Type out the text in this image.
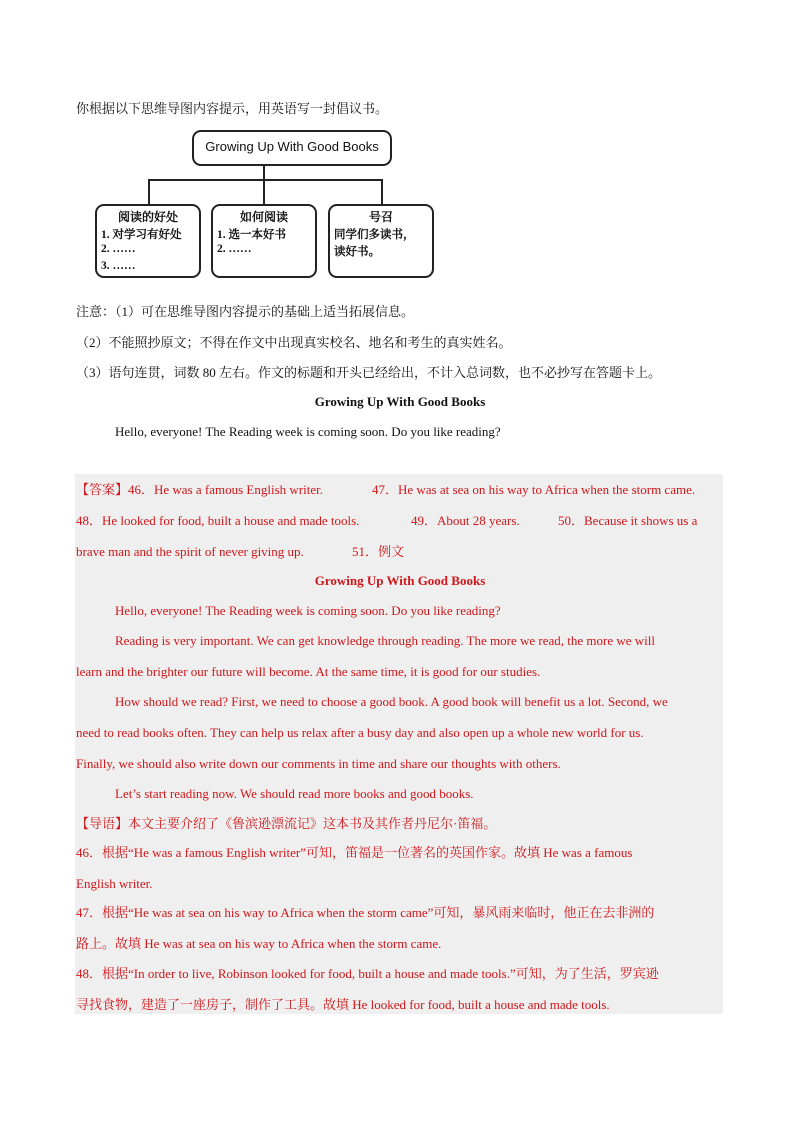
你根据以下思维导图内容提示，用英语写一封倡议书。
Growing Up With Good Books
阅读的好处
1. 对学习有好处
2. ……
3. ……
如何阅读
1. 选一本好书
2. ……
号召
同学们多读书，
读好书。
注意：（1）可在思维导图内容提示的基础上适当拓展信息。
（2）不能照抄原文；不得在作文中出现真实校名、地名和考生的真实姓名。
（3）语句连贯，词数 80 左右。作文的标题和开头已经给出，不计入总词数，也不必抄写在答题卡上。
Growing Up With Good Books
Hello, everyone! The Reading week is coming soon. Do you like reading?
【答案】46．He was a famous English writer.	47．He was at sea on his way to Africa when the storm came.
48．He looked for food, built a house and made tools.	49．About 28 years.	50．Because it shows us a
brave man and the spirit of never giving up.	51．例文
Growing Up With Good Books
Hello, everyone! The Reading week is coming soon. Do you like reading?
Reading is very important. We can get knowledge through reading. The more we read, the more we will
learn and the brighter our future will become. At the same time, it is good for our studies.
How should we read? First, we need to choose a good book. A good book will benefit us a lot. Second, we
need to read books often. They can help us relax after a busy day and also open up a whole new world for us.
Finally, we should also write down our comments in time and share our thoughts with others.
Let’s start reading now. We should read more books and good books.
【导语】本文主要介绍了《鲁滨逊漂流记》这本书及其作者丹尼尔·笛福。
46．根据“He was a famous English writer”可知，笛福是一位著名的英国作家。故填 He was a famous
English writer.
47．根据“He was at sea on his way to Africa when the storm came”可知，暴风雨来临时，他正在去非洲的
路上。故填 He was at sea on his way to Africa when the storm came.
48．根据“In order to live, Robinson looked for food, built a house and made tools.”可知，为了生活，罗宾逊
寻找食物，建造了一座房子，制作了工具。故填 He looked for food, built a house and made tools.
